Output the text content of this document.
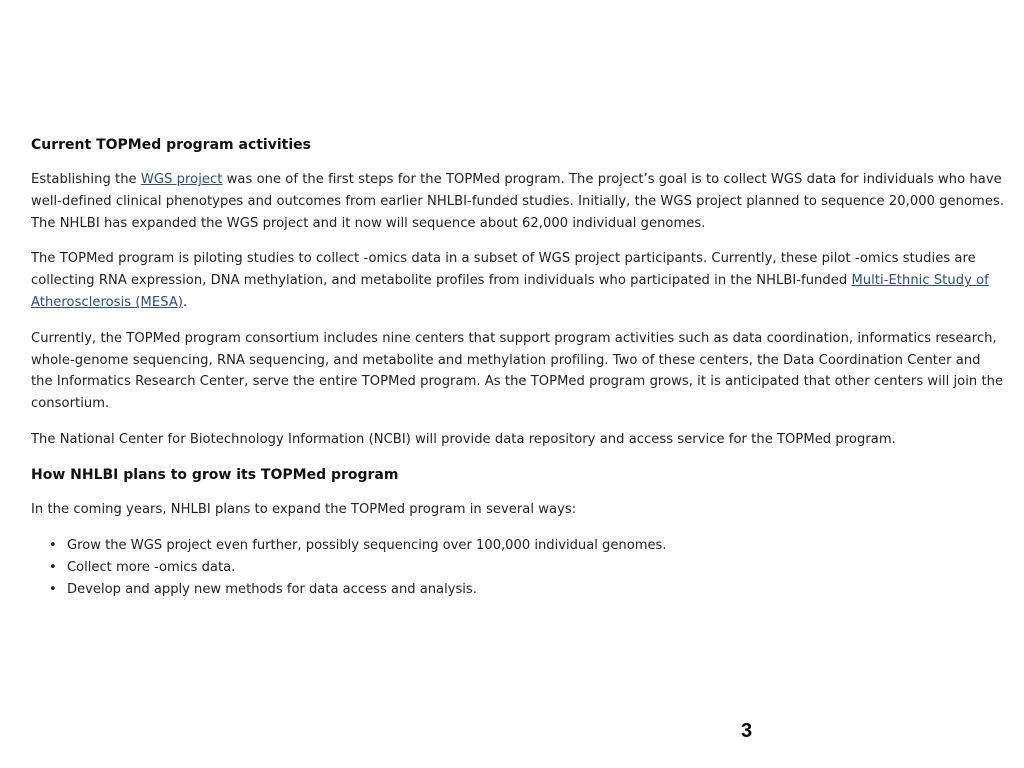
Current TOPMed program activities

Establishing the WGS project was one of the first steps for the TOPMed program. The project’s goal is to collect WGS data for individuals who have well-defined clinical phenotypes and outcomes from earlier NHLBI-funded studies. Initially, the WGS project planned to sequence 20,000 genomes. The NHLBI has expanded the WGS project and it now will sequence about 62,000 individual genomes.

The TOPMed program is piloting studies to collect -omics data in a subset of WGS project participants. Currently, these pilot -omics studies are collecting RNA expression, DNA methylation, and metabolite profiles from individuals who participated in the NHLBI-funded Multi-Ethnic Study of Atherosclerosis (MESA).

Currently, the TOPMed program consortium includes nine centers that support program activities such as data coordination, informatics research, whole-genome sequencing, RNA sequencing, and metabolite and methylation profiling. Two of these centers, the Data Coordination Center and the Informatics Research Center, serve the entire TOPMed program. As the TOPMed program grows, it is anticipated that other centers will join the consortium.

The National Center for Biotechnology Information (NCBI) will provide data repository and access service for the TOPMed program.

How NHLBI plans to grow its TOPMed program

In the coming years, NHLBI plans to expand the TOPMed program in several ways:

• Grow the WGS project even further, possibly sequencing over 100,000 individual genomes.
• Collect more -omics data.
• Develop and apply new methods for data access and analysis.
3
